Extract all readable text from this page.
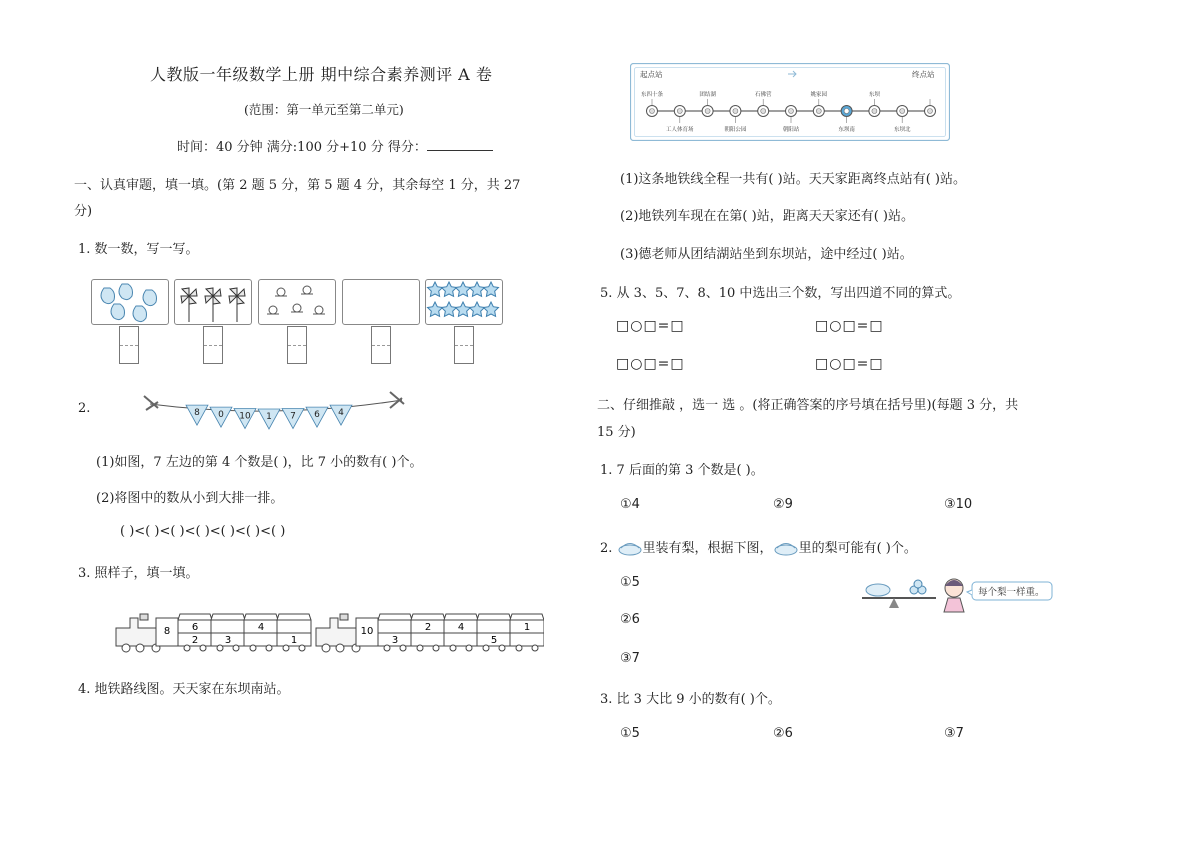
人教版一年级数学上册 期中综合素养测评 A 卷
(范围：第一单元至第二单元)
时间：40 分钟 满分:100 分+10 分 得分：
一、认真审题，填一填。(第 2 题 5 分，第 5 题 4 分，其余每空 1 分，共 27
分)
1. 数一数，写一写。
2.	8 0 10 1 7 6 4
(1)如图，7 左边的第 4 个数是( )，比 7 小的数有( )个。
(2)将图中的数从小到大排一排。
( )<( )<( )<( )<( )<( )<( )
3. 照样子，填一填。
8 6
2	3
4
1
10
3
2	4
5
1
4. 地铁路线图。天天家在东坝南站。
起点站	终点站
东四十条
工人体育场
团结湖
朝阳公园
石佛营
朝阳站
姚家园
东坝南
东坝
东坝北
(1)这条地铁线全程一共有( )站。天天家距离终点站有( )站。
(2)地铁列车现在在第( )站，距离天天家还有( )站。
(3)德老师从团结湖站坐到东坝站，途中经过( )站。
5. 从 3、5、7、8、10 中选出三个数，写出四道不同的算式。
□○□=□	□○□=□
□○□=□	□○□=□
二、仔细推敲 ，选一 选 。(将正确答案的序号填在括号里)(每题 3 分，共
15 分)
1. 7 后面的第 3 个数是( )。
①4	②9	③10
2. 里装有梨，根据下图， 里的梨可能有( )个。
①5
②6
③7
每个梨一样重。
3. 比 3 大比 9 小的数有( )个。
①5	②6	③7
